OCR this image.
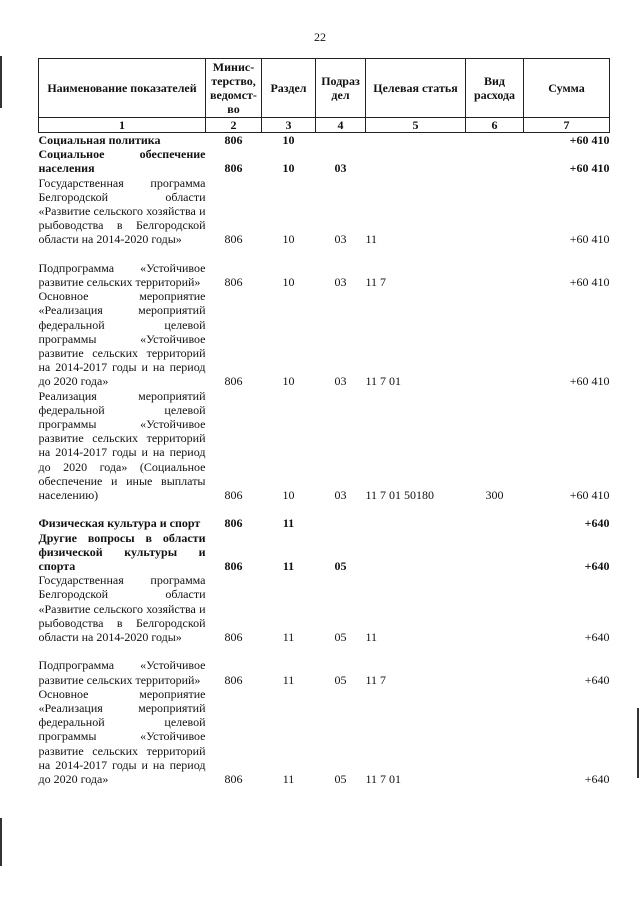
22
Наименование показателей	Минис-терство, ведомст-во	Раздел	Подраз дел	Целевая статья	Вид расхода	Сумма
1	2	3	4	5	6	7
Социальная политика	806	10				+60 410
Социальное обеспечение населения	806	10	03			+60 410
Государственная программа Белгородской области «Развитие сельского хозяйства и рыбоводства в Белгородской области на 2014-2020 годы»	806	10	03	11		+60 410
Подпрограмма «Устойчивое развитие сельских территорий»	806	10	03	11 7		+60 410
Основное мероприятие «Реализация мероприятий федеральной целевой программы «Устойчивое развитие сельских территорий на 2014-2017 годы и на период до 2020 года»	806	10	03	11 7 01		+60 410
Реализация мероприятий федеральной целевой программы «Устойчивое развитие сельских территорий на 2014-2017 годы и на период до 2020 года» (Социальное обеспечение и иные выплаты населению)	806	10	03	11 7 01 50180	300	+60 410
Физическая культура и спорт	806	11				+640
Другие вопросы в области физической культуры и спорта	806	11	05			+640
Государственная программа Белгородской области «Развитие сельского хозяйства и рыбоводства в Белгородской области на 2014-2020 годы»	806	11	05	11		+640
Подпрограмма «Устойчивое развитие сельских территорий»	806	11	05	11 7		+640
Основное мероприятие «Реализация мероприятий федеральной целевой программы «Устойчивое развитие сельских территорий на 2014-2017 годы и на период до 2020 года»	806	11	05	11 7 01		+640
